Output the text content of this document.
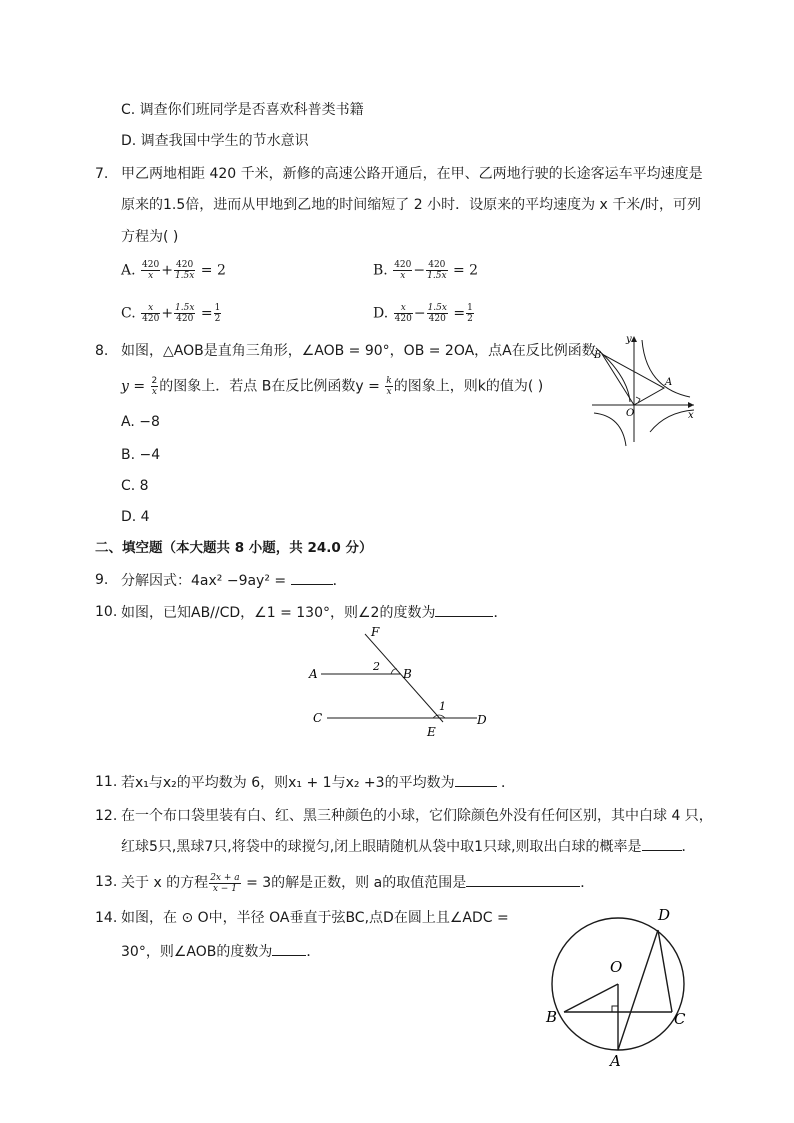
C. 调查你们班同学是否喜欢科普类书籍
D. 调查我国中学生的节水意识
7. 甲乙两地相距 420 千米，新修的高速公路开通后，在甲、乙两地行驶的长途客运车平均速度是
原来的1.5倍，进而从甲地到乙地的时间缩短了 2 小时．设原来的平均速度为 x 千米/时，可列
方程为( )
A. $\frac{420}{x} + \frac{420}{1.5x} = 2$	B. $\frac{420}{x} - \frac{420}{1.5x} = 2$
C. $\frac{x}{420} + \frac{1.5x}{420} = \frac{1}{2}$	D. $\frac{x}{420} - \frac{1.5x}{420} = \frac{1}{2}$
8. 如图，△AOB是直角三角形，∠AOB = 90°，OB = 2OA，点A在反比例函数
$y = \frac{2}{x}$ 的图象上．若点 B在反比例函数$y = \frac{k}{x}$ 的图象上，则k的值为( )
A. −8
B. −4
C. 8
D. 4
B
A
O	x
y
二、填空题（本大题共 8 小题，共 24.0 分）
9. 分解因式：4ax² −9ay² =	．
10. 如图，已知AB//CD，∠1 = 130°，则∠2的度数为	．
F
A	B
C	D
E
1
2
11. 若x₁与x₂的平均数为 6，则x₁ + 1与x₂ +3的平均数为	．
12. 在一个布口袋里装有白、红、黑三种颜色的小球，它们除颜色外没有任何区别，其中白球 4 只，
红球5只,黑球7只,将袋中的球搅匀,闭上眼睛随机从袋中取1只球,则取出白球的概率是	．
13. 关于 x 的方程 $\frac{2x + a}{x - 1} = 3$的解是正数，则 a的取值范围是	．
14. 如图，在 ⊙ O中，半径 OA垂直于弦BC,点D在圆上且∠ADC =
30°，则∠AOB的度数为 ．
O
B	C
A
D
